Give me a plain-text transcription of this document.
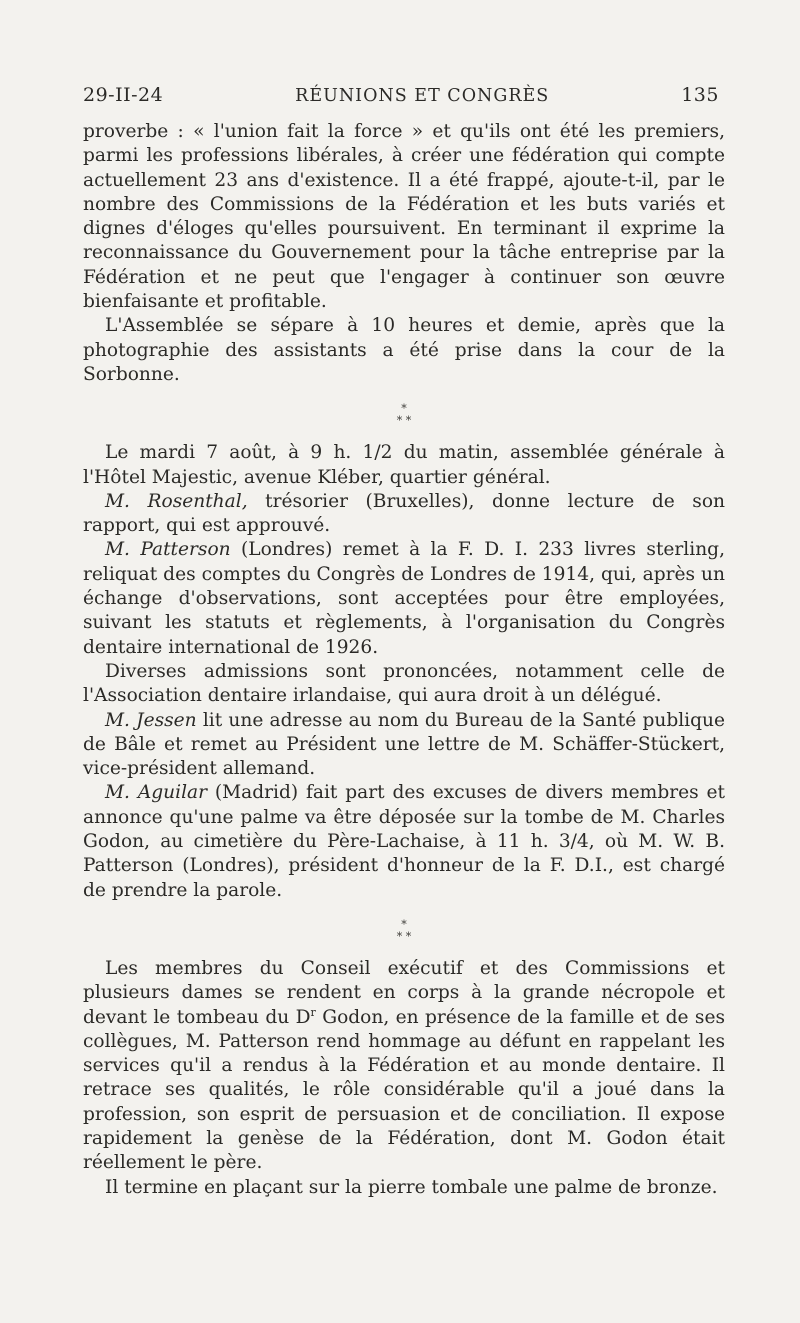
29-II-24	RÉUNIONS ET CONGRÈS	135

proverbe : « l'union fait la force » et qu'ils ont été les premiers, parmi les professions libérales, à créer une fédération qui compte actuellement 23 ans d'existence. Il a été frappé, ajoute-t-il, par le nombre des Commissions de la Fédération et les buts variés et dignes d'éloges qu'elles poursuivent. En terminant il exprime la reconnaissance du Gouvernement pour la tâche entreprise par la Fédération et ne peut que l'engager à continuer son œuvre bienfaisante et profitable.

L'Assemblée se sépare à 10 heures et demie, après que la photographie des assistants a été prise dans la cour de la Sorbonne.

*
* *

Le mardi 7 août, à 9 h. 1/2 du matin, assemblée générale à l'Hôtel Majestic, avenue Kléber, quartier général.

M. Rosenthal, trésorier (Bruxelles), donne lecture de son rapport, qui est approuvé.

M. Patterson (Londres) remet à la F. D. I. 233 livres sterling, reliquat des comptes du Congrès de Londres de 1914, qui, après un échange d'observations, sont acceptées pour être employées, suivant les statuts et règlements, à l'organisation du Congrès dentaire international de 1926.

Diverses admissions sont prononcées, notamment celle de l'Association dentaire irlandaise, qui aura droit à un délégué.

M. Jessen lit une adresse au nom du Bureau de la Santé publique de Bâle et remet au Président une lettre de M. Schäffer-Stückert, vice-président allemand.

M. Aguilar (Madrid) fait part des excuses de divers membres et annonce qu'une palme va être déposée sur la tombe de M. Charles Godon, au cimetière du Père-Lachaise, à 11 h. 3/4, où M. W. B. Patterson (Londres), président d'honneur de la F. D.I., est chargé de prendre la parole.

*
* *

Les membres du Conseil exécutif et des Commissions et plusieurs dames se rendent en corps à la grande nécropole et devant le tombeau du $D^r$ Godon, en présence de la famille et de ses collègues, M. Patterson rend hommage au défunt en rappelant les services qu'il a rendus à la Fédération et au monde dentaire. Il retrace ses qualités, le rôle considérable qu'il a joué dans la profession, son esprit de persuasion et de conciliation. Il expose rapidement la genèse de la Fédération, dont M. Godon était réellement le père.

Il termine en plaçant sur la pierre tombale une palme de bronze.
